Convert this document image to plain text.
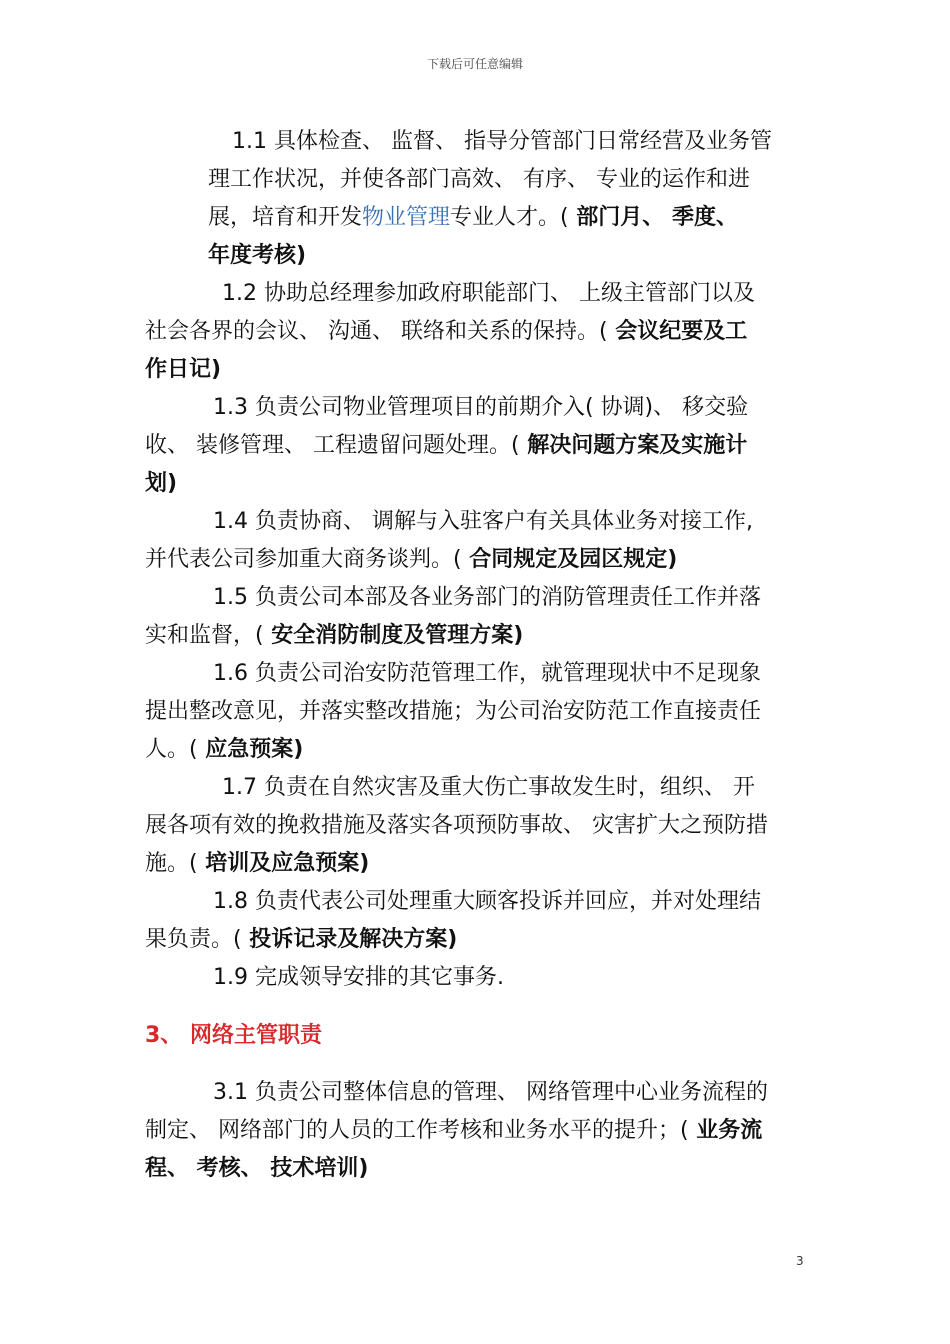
下载后可任意编辑
1.1 具体检查、 监督、 指导分管部门日常经营及业务管
理工作状况，并使各部门高效、 有序、 专业的运作和进
展，培育和开发物业管理专业人才。( 部门月、 季度、
年度考核)
1.2 协助总经理参加政府职能部门、 上级主管部门以及
社会各界的会议、 沟通、 联络和关系的保持。( 会议纪要及工
作日记)
1.3 负责公司物业管理项目的前期介入( 协调)、 移交验
收、 装修管理、 工程遗留问题处理。( 解决问题方案及实施计
划)
1.4 负责协商、 调解与入驻客户有关具体业务对接工作,
并代表公司参加重大商务谈判。( 合同规定及园区规定)
1.5 负责公司本部及各业务部门的消防管理责任工作并落
实和监督，( 安全消防制度及管理方案)
1.6 负责公司治安防范管理工作，就管理现状中不足现象
提出整改意见，并落实整改措施；为公司治安防范工作直接责任
人。( 应急预案)
1.7 负责在自然灾害及重大伤亡事故发生时，组织、 开
展各项有效的挽救措施及落实各项预防事故、 灾害扩大之预防措
施。( 培训及应急预案)
1.8 负责代表公司处理重大顾客投诉并回应，并对处理结
果负责。( 投诉记录及解决方案)
1.9 完成领导安排的其它事务.
3、 网络主管职责
3.1 负责公司整体信息的管理、 网络管理中心业务流程的
制定、 网络部门的人员的工作考核和业务水平的提升；( 业务流
程、 考核、 技术培训)
3
